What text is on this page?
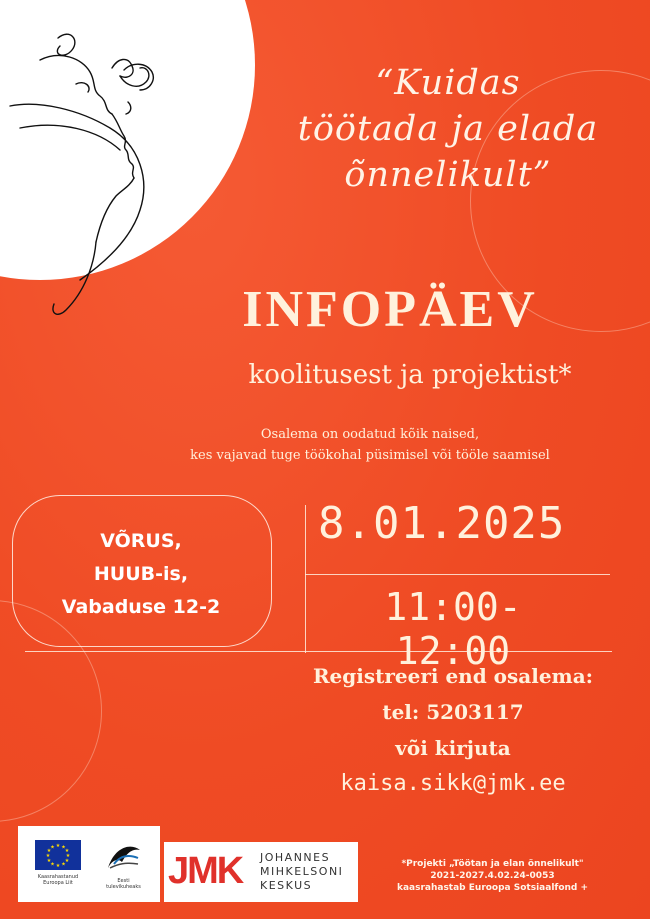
“Kuidas
töötada ja elada
õnnelikult”
INFOPÄEV
koolitusest ja projektist*
Osalema on oodatud kõik naised,
kes vajavad tuge töökohal püsimisel või tööle saamisel
VÕRUS,
HUUB-is,
Vabaduse 12-2
8.01.2025
11:00-12:00
Registreeri end osalema:
tel: 5203117
või kirjuta
kaisa.sikk@jmk.ee
★ ★
★
★
★
★
★
★
★
★
★
★
Kaasrahastanud
Euroopa Liit	Eesti
tulevikuheaks JMK JOHANNES
MIHKELSONI
KESKUS
*Projekti „Töötan ja elan õnnelikult"
2021-2027.4.02.24-0053
kaasrahastab Euroopa Sotsiaalfond +
